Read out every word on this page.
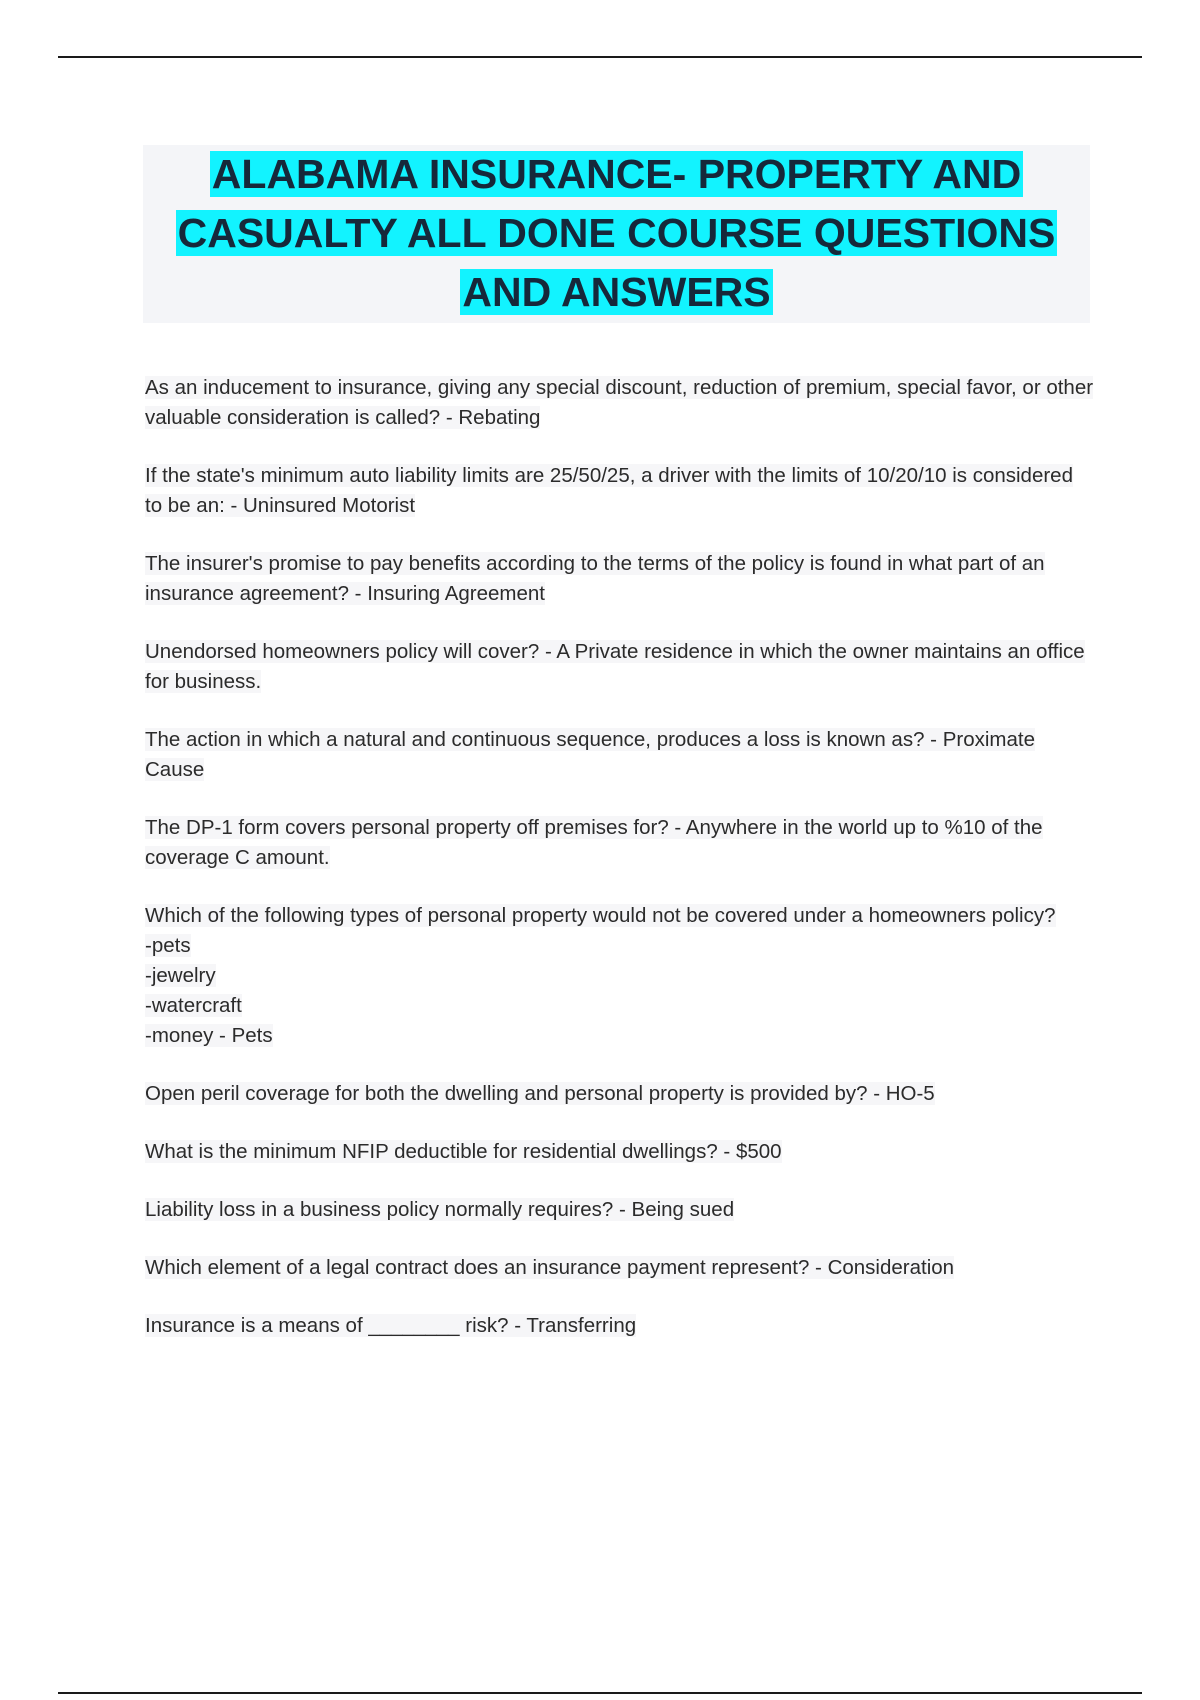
ALABAMA INSURANCE- PROPERTY AND CASUALTY ALL DONE COURSE QUESTIONS AND ANSWERS

As an inducement to insurance, giving any special discount, reduction of premium, special favor, or other valuable consideration is called? - Rebating

If the state's minimum auto liability limits are 25/50/25, a driver with the limits of 10/20/10 is considered to be an: - Uninsured Motorist

The insurer's promise to pay benefits according to the terms of the policy is found in what part of an insurance agreement? - Insuring Agreement

Unendorsed homeowners policy will cover? - A Private residence in which the owner maintains an office for business.

The action in which a natural and continuous sequence, produces a loss is known as? - Proximate Cause

The DP-1 form covers personal property off premises for? - Anywhere in the world up to %10 of the coverage C amount.

Which of the following types of personal property would not be covered under a homeowners policy?
-pets
-jewelry
-watercraft
-money - Pets

Open peril coverage for both the dwelling and personal property is provided by? - HO-5

What is the minimum NFIP deductible for residential dwellings? - $500

Liability loss in a business policy normally requires? - Being sued

Which element of a legal contract does an insurance payment represent? - Consideration

Insurance is a means of ________ risk? - Transferring
